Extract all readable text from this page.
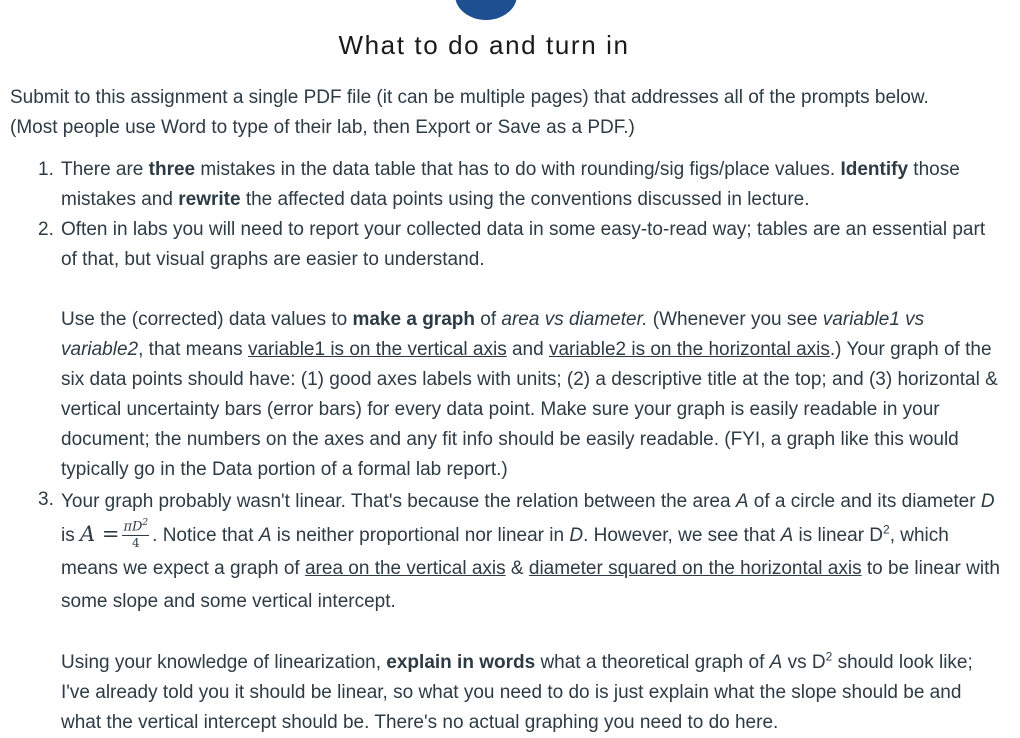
What to do and turn in

Submit to this assignment a single PDF file (it can be multiple pages) that addresses all of the prompts below.

(Most people use Word to type of their lab, then Export or Save as a PDF.)

1. There are three mistakes in the data table that has to do with rounding/sig figs/place values. Identify those mistakes and rewrite the affected data points using the conventions discussed in lecture.

2. Often in labs you will need to report your collected data in some easy-to-read way; tables are an essential part of that, but visual graphs are easier to understand.

Use the (corrected) data values to make a graph of area vs diameter. (Whenever you see variable1 vs variable2, that means variable1 is on the vertical axis and variable2 is on the horizontal axis.) Your graph of the six data points should have: (1) good axes labels with units; (2) a descriptive title at the top; and (3) horizontal & vertical uncertainty bars (error bars) for every data point. Make sure your graph is easily readable in your document; the numbers on the axes and any fit info should be easily readable. (FYI, a graph like this would typically go in the Data portion of a formal lab report.)

3. Your graph probably wasn't linear. That's because the relation between the area A of a circle and its diameter D is $A = \frac{\pi D^2}{4}$ . Notice that A is neither proportional nor linear in D. However, we see that A is linear $D^2$, which means we expect a graph of area on the vertical axis & diameter squared on the horizontal axis to be linear with some slope and some vertical intercept.

Using your knowledge of linearization, explain in words what a theoretical graph of A vs $D^2$ should look like; I've already told you it should be linear, so what you need to do is just explain what the slope should be and what the vertical intercept should be. There's no actual graphing you need to do here.
